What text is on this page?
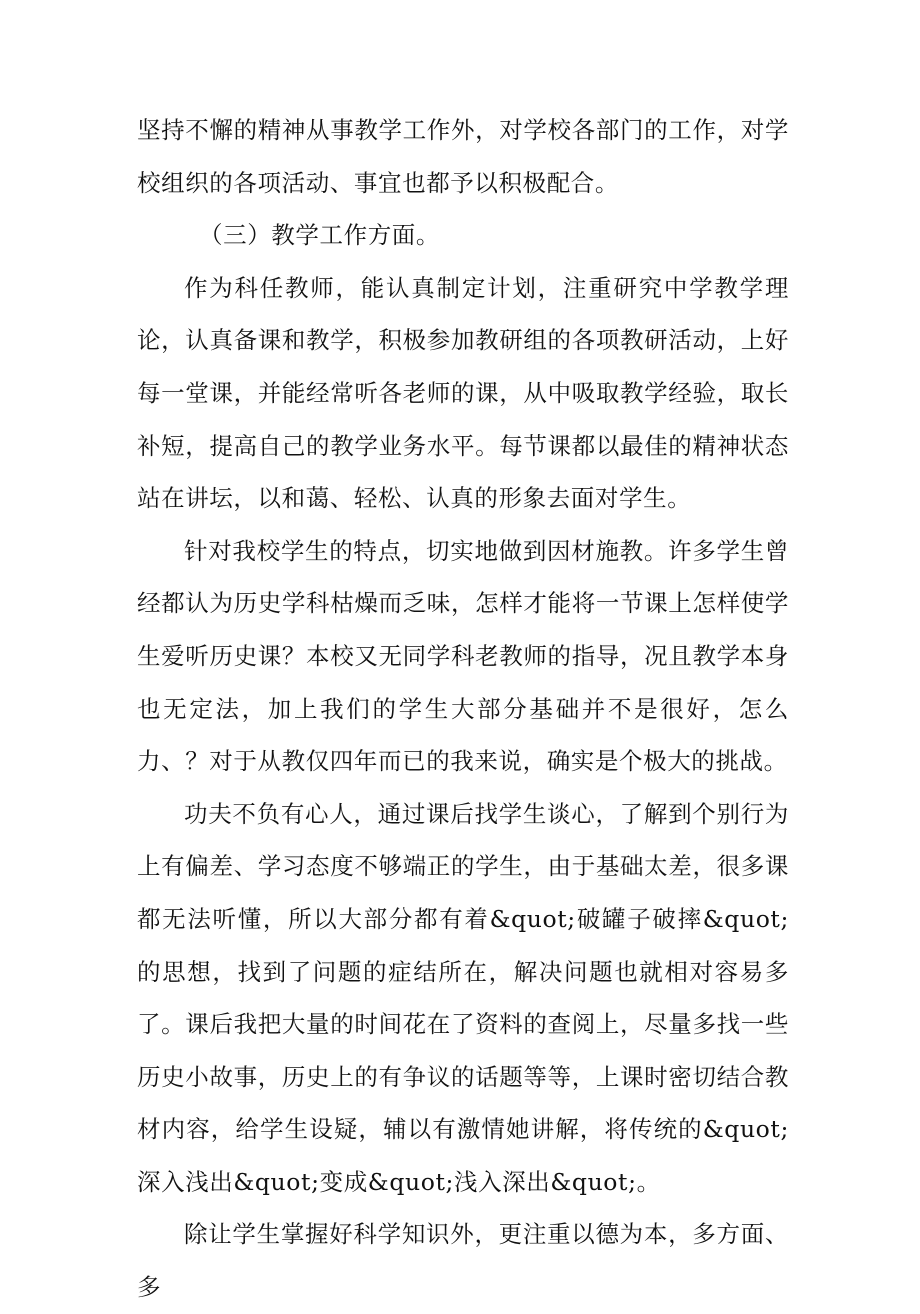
坚持不懈的精神从事教学工作外，对学校各部门的工作，对学校组织的各项活动、事宜也都予以积极配合。

（三）教学工作方面。

作为科任教师，能认真制定计划，注重研究中学教学理论，认真备课和教学，积极参加教研组的各项教研活动，上好每一堂课，并能经常听各老师的课，从中吸取教学经验，取长补短，提高自己的教学业务水平。每节课都以最佳的精神状态站在讲坛，以和蔼、轻松、认真的形象去面对学生。

针对我校学生的特点，切实地做到因材施教。许多学生曾经都认为历史学科枯燥而乏味，怎样才能将一节课上怎样使学生爱听历史课？本校又无同学科老教师的指导，况且教学本身也无定法，加上我们的学生大部分基础并不是很好，怎么力、？对于从教仅四年而已的我来说，确实是个极大的挑战。

功夫不负有心人，通过课后找学生谈心，了解到个别行为上有偏差、学习态度不够端正的学生，由于基础太差，很多课都无法听懂，所以大部分都有着&quot;破罐子破摔&quot;的思想，找到了问题的症结所在，解决问题也就相对容易多了。课后我把大量的时间花在了资料的查阅上，尽量多找一些历史小故事，历史上的有争议的话题等等，上课时密切结合教材内容，给学生设疑，辅以有激情她讲解，将传统的&quot;深入浅出&quot;变成&quot;浅入深出&quot;。

除让学生掌握好科学知识外，更注重以德为本，多方面、多
